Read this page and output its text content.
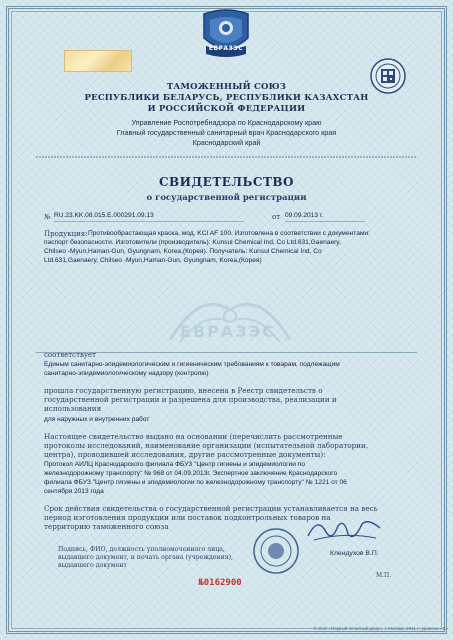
ЕВРАЗЭС
ТАМОЖЕННЫЙ СОЮЗ
РЕСПУБЛИКИ БЕЛАРУСЬ, РЕСПУБЛИКИ КАЗАХСТАН
И РОССИЙСКОЙ ФЕДЕРАЦИИ
Управление Роспотребнадзора по Краснодарскому краю
Главный государственный санитарный врач Краснодарского края
Краснодарский край
СВИДЕТЕЛЬСТВО
о государственной регистрации
№ RU.23.KK.08.015.E.000291.09.13	от 09.09.2013 г.
Продукция: Противообрастающая краска, мод. KCI AF 100. Изготовлена в соответствии с документами:
паспорт безопасности. Изготовители (производитель): Kunsul Chemical Ind, Co Ltd.631,Gaenaery,
Chilseo -Myun,Haman-Gun, Gyungnam, Korea,(Корея). Получатель: Kunsul Chemical Ind, Co
Ltd.631,Gaenaery, Chilseo -Myun,Haman-Gun, Gyungnam, Korea,(Корея)
ЕВРАЗЭС
соответствует
Единым санитарно-эпидемиологическим и гигиеническим требованиям к товарам, подлежащим
санитарно-эпидемиологическому надзору (контролю)
прошла государственную регистрацию, внесена в Реестр свидетельств о
государственной регистрации и разрешена для производства, реализации и
использования
для наружных и внутренних работ
Настоящее свидетельство выдано на основании (перечислить рассмотренные
протоколы исследований, наименование организации (испытательной лаборатории,
центра), проводившей исследования, другие рассмотренные документы):
Протокол АИЛЦ Краснодарского филиала ФБУЗ "Центр гигиены и эпидемиологии по
железнодорожному транспорту" № 968 от 04.09.2013г. Экспертное заключение Краснодарского
филиала ФБУЗ "Центр гигиены и эпидемиологии по железнодорожному транспорту" № 1221 от 06
сентября 2013 года
Срок действия свидетельства о государственной регистрации устанавливается на весь
период изготовления продукции или поставок подконтрольных товаров на
территорию таможенного союза
Подпись, ФИО, должность уполномоченного лица,
выдавшего документ, и печать органа (учреждения),
выдавшего документ
Клендухов В.П.
М.П.
№0162900
© ЗАО «Первый печатный двор», г. Москва, 2011 г., уровень «В»
